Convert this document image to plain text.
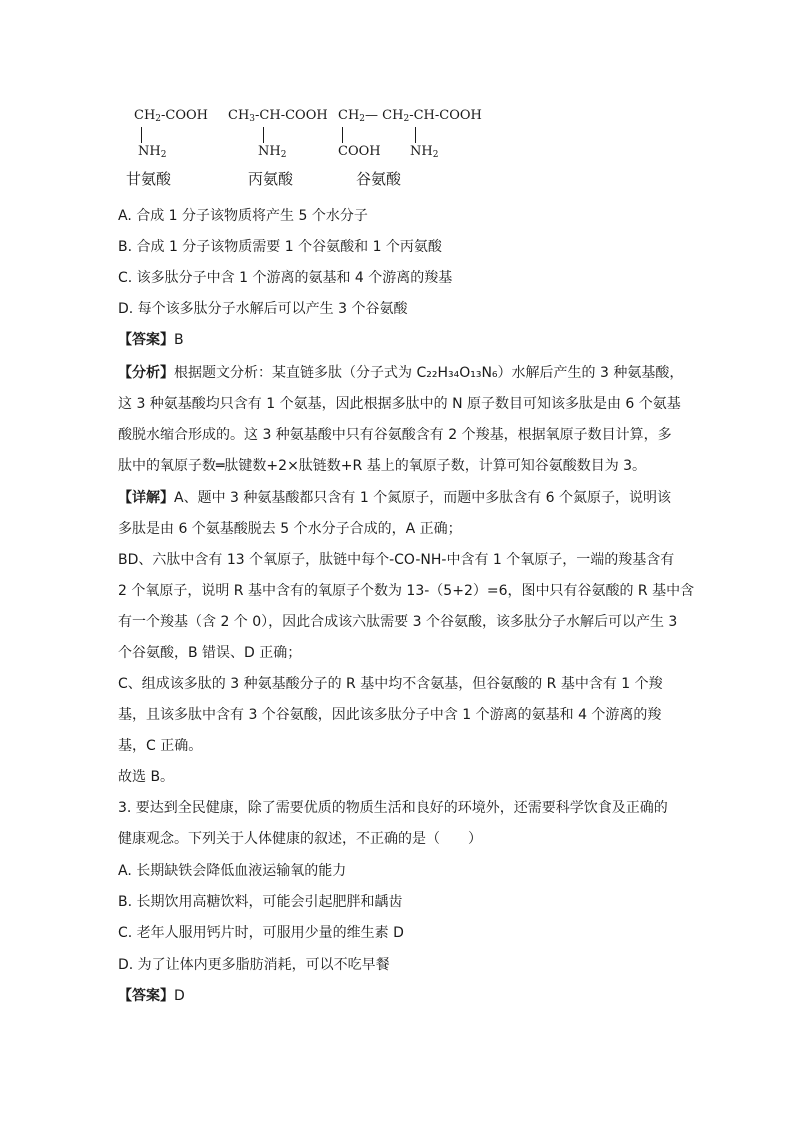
$CH_2$-COOH
$NH_2$
甘氨酸
$CH_3-CH$-COOH
$NH_2$
丙氨酸
$CH_2—$ $CH_2-CH$-COOH
COOH $NH_2$
谷氨酸
A. 合成 1 分子该物质将产生 5 个水分子
B. 合成 1 分子该物质需要 1 个谷氨酸和 1 个丙氨酸
C. 该多肽分子中含 1 个游离的氨基和 4 个游离的羧基
D. 每个该多肽分子水解后可以产生 3 个谷氨酸
【答案】B
【分析】根据题文分析：某直链多肽（分子式为 C₂₂H₃₄O₁₃N₆）水解后产生的 3 种氨基酸，
这 3 种氨基酸均只含有 1 个氨基，因此根据多肽中的 N 原子数目可知该多肽是由 6 个氨基
酸脱水缩合形成的。这 3 种氨基酸中只有谷氨酸含有 2 个羧基，根据氧原子数目计算，多
肽中的氧原子数═肽键数+2×肽链数+R 基上的氧原子数，计算可知谷氨酸数目为 3。
【详解】A、题中 3 种氨基酸都只含有 1 个氮原子，而题中多肽含有 6 个氮原子，说明该
多肽是由 6 个氨基酸脱去 5 个水分子合成的，A 正确；
BD、六肽中含有 13 个氧原子，肽链中每个-CO-NH-中含有 1 个氧原子，一端的羧基含有
2 个氧原子，说明 R 基中含有的氧原子个数为 13-（5+2）=6，图中只有谷氨酸的 R 基中含
有一个羧基（含 2 个 0），因此合成该六肽需要 3 个谷氨酸，该多肽分子水解后可以产生 3
个谷氨酸，B 错误、D 正确；
C、组成该多肽的 3 种氨基酸分子的 R 基中均不含氨基，但谷氨酸的 R 基中含有 1 个羧
基，且该多肽中含有 3 个谷氨酸，因此该多肽分子中含 1 个游离的氨基和 4 个游离的羧
基，C 正确。
故选 B。
3. 要达到全民健康，除了需要优质的物质生活和良好的环境外，还需要科学饮食及正确的
健康观念。下列关于人体健康的叙述，不正确的是（　　）
A. 长期缺铁会降低血液运输氧的能力
B. 长期饮用高糖饮料，可能会引起肥胖和龋齿
C. 老年人服用钙片时，可服用少量的维生素 D
D. 为了让体内更多脂肪消耗，可以不吃早餐
【答案】D
